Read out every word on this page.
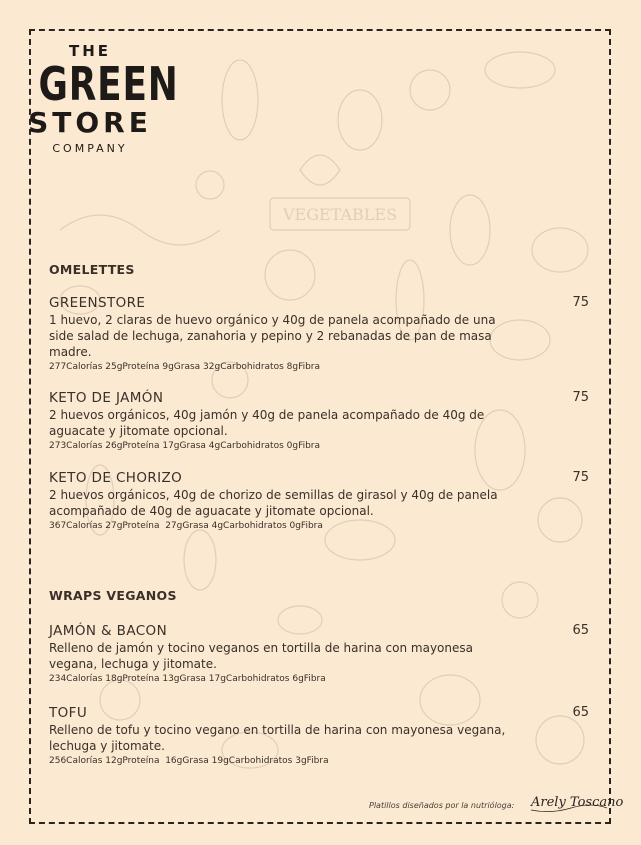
VEGETABLES
THE
GREEN
STORE
COMPANY
OMELETTES
GREENSTORE	75
1 huevo, 2 claras de huevo orgánico y 40g de panela acompañado de una side salad de lechuga, zanahoria y pepino y 2 rebanadas de pan de masa madre.
277Calorías 25gProteína 9gGrasa 32gCarbohidratos 8gFibra
KETO DE JAMÓN	75
2 huevos orgánicos, 40g jamón y 40g de panela acompañado de 40g de aguacate y jitomate opcional.
273Calorías 26gProteína 17gGrasa 4gCarbohidratos 0gFibra
KETO DE CHORIZO	75
2 huevos orgánicos, 40g de chorizo de semillas de girasol y 40g de panela acompañado de 40g de aguacate y jitomate opcional.
367Calorías 27gProteína  27gGrasa 4gCarbohidratos 0gFibra
WRAPS VEGANOS
JAMÓN & BACON	65
Relleno de jamón y tocino veganos en tortilla de harina con mayonesa vegana, lechuga y jitomate.
234Calorías 18gProteína 13gGrasa 17gCarbohidratos 6gFibra
TOFU	65
Relleno de tofu y tocino vegano en tortilla de harina con mayonesa vegana, lechuga y jitomate.
256Calorías 12gProteína  16gGrasa 19gCarbohidratos 3gFibra
Platillos diseñados por la nutrióloga: Arely Toscano
